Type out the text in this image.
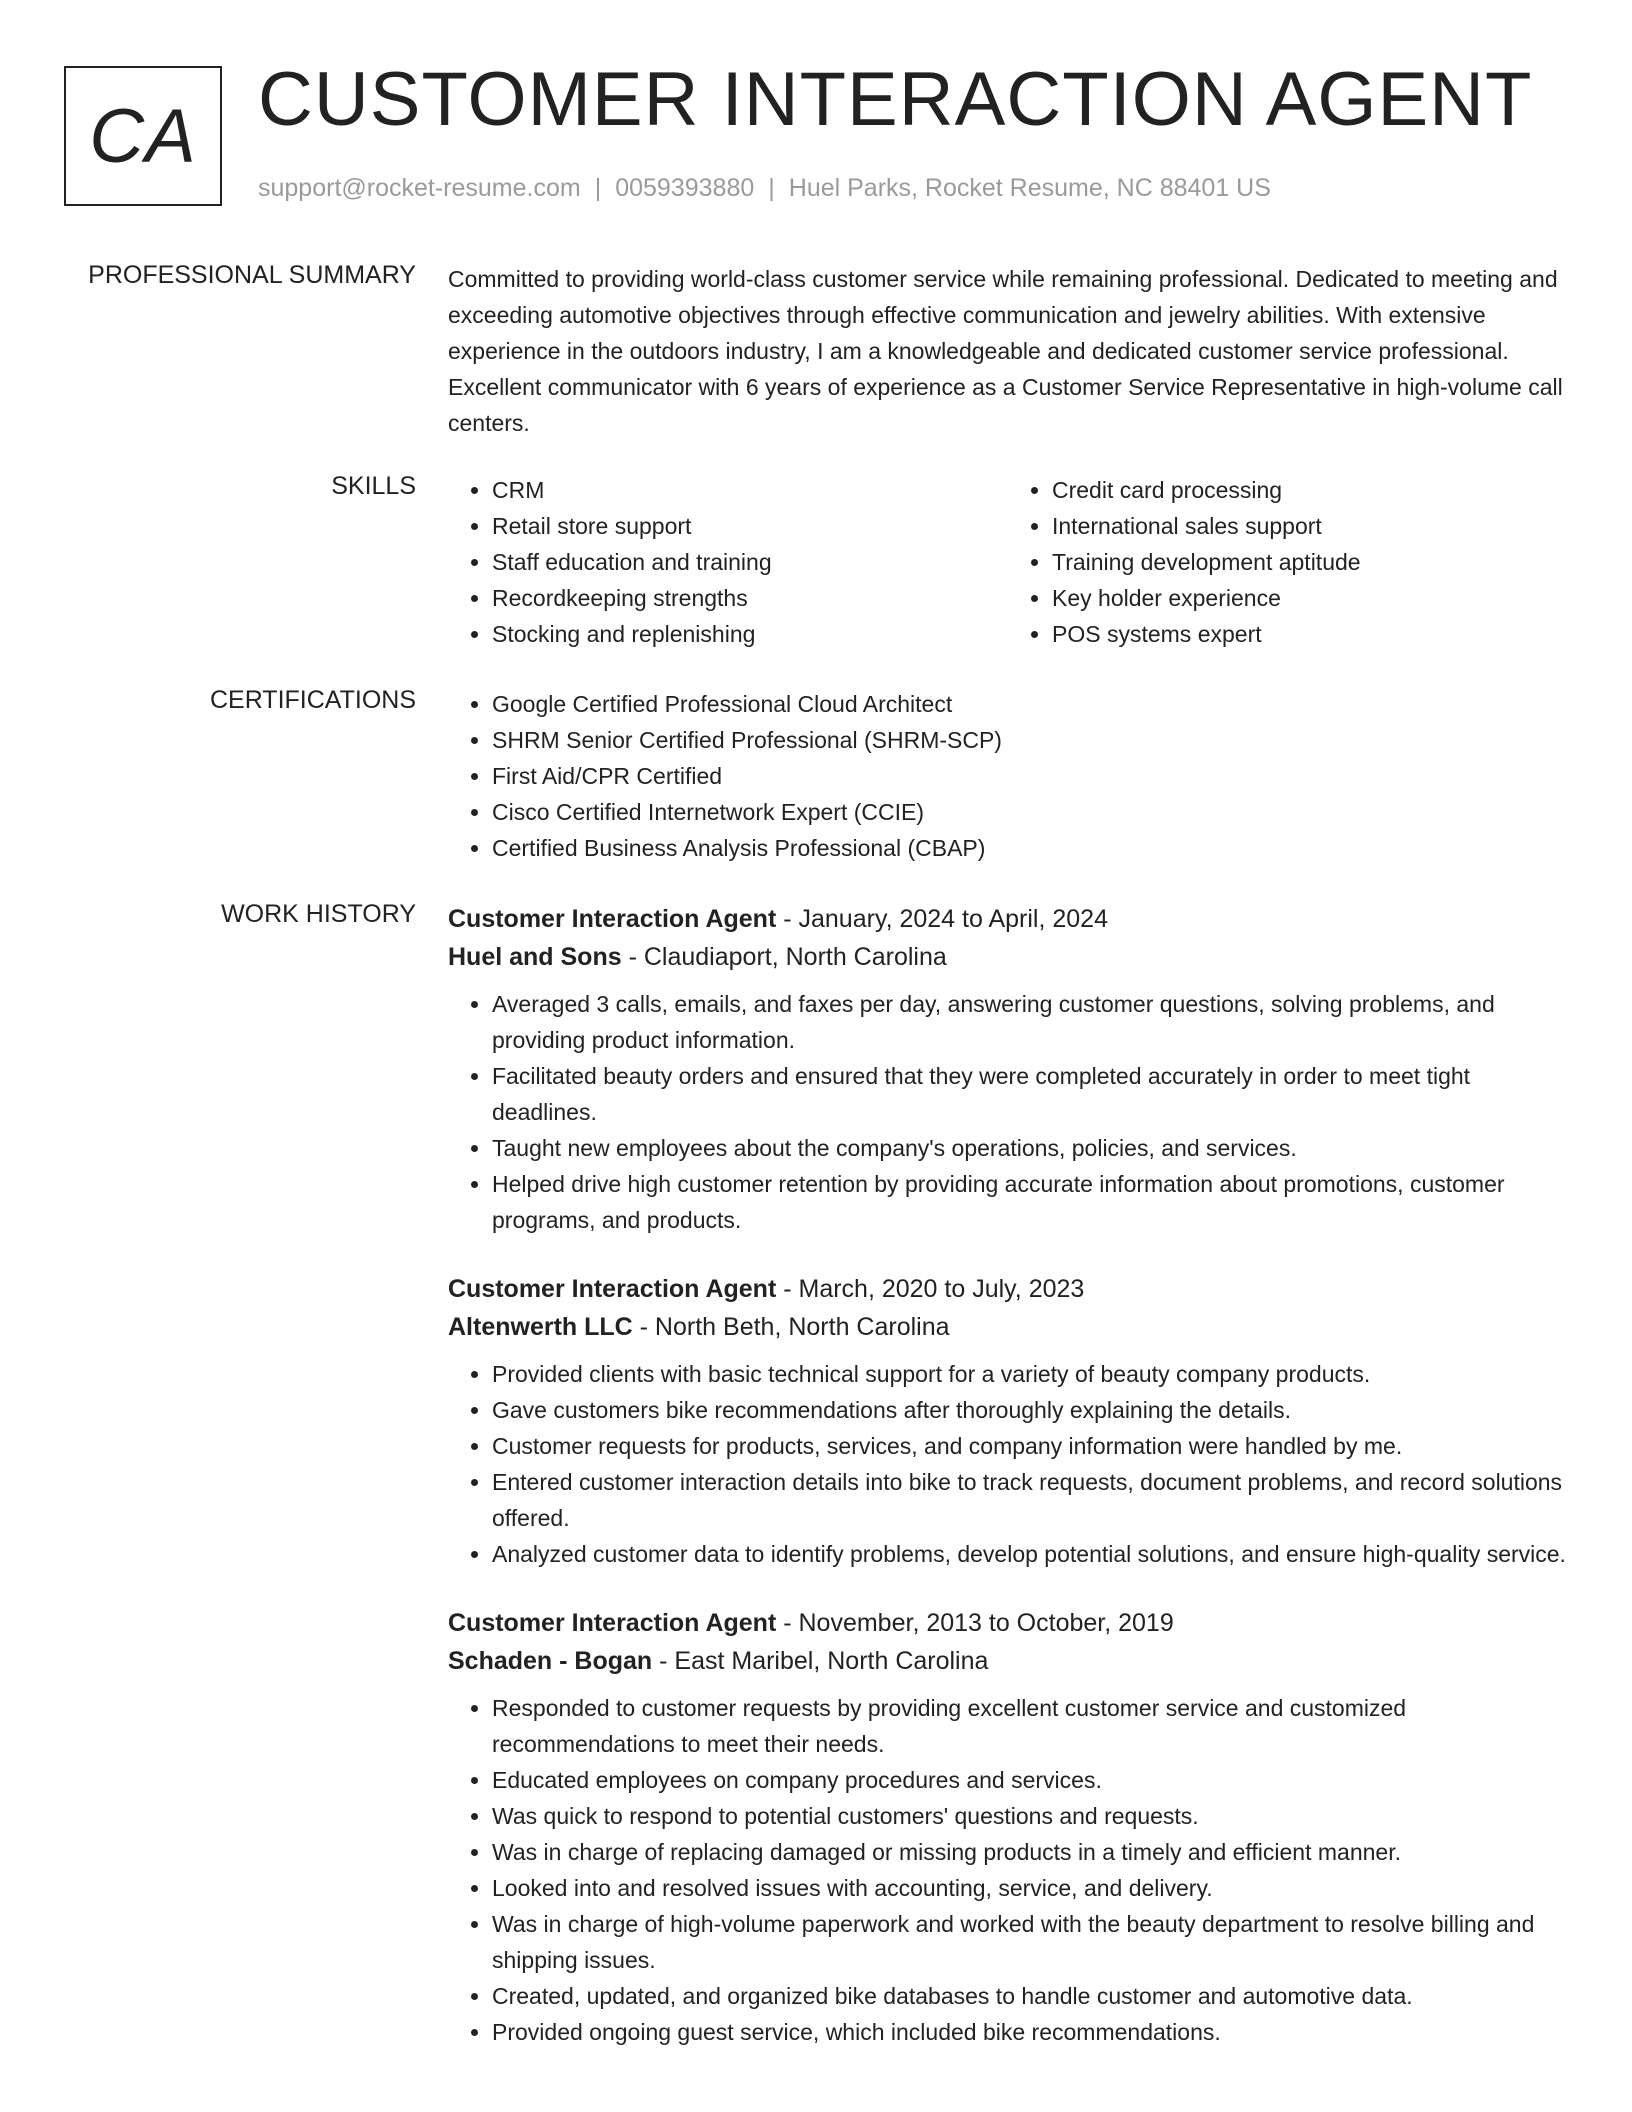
CA CUSTOMER INTERACTION AGENT
support@rocket-resume.com | 0059393880 | Huel Parks, Rocket Resume, NC 88401 US
PROFESSIONAL SUMMARY Committed to providing world-class customer service while remaining professional. Dedicated to meeting and exceeding automotive objectives through effective communication and jewelry abilities. With extensive experience in the outdoors industry, I am a knowledgeable and dedicated customer service professional. Excellent communicator with 6 years of experience as a Customer Service Representative in high-volume call centers.
SKILLS	• CRM
• Retail store support
• Staff education and training
• Recordkeeping strengths
• Stocking and replenishing
• Credit card processing
• International sales support
• Training development aptitude
• Key holder experience
• POS systems expert
CERTIFICATIONS	• Google Certified Professional Cloud Architect
• SHRM Senior Certified Professional (SHRM-SCP)
• First Aid/CPR Certified
• Cisco Certified Internetwork Expert (CCIE)
• Certified Business Analysis Professional (CBAP)
WORK HISTORY Customer Interaction Agent - January, 2024 to April, 2024
Huel and Sons - Claudiaport, North Carolina
• Averaged 3 calls, emails, and faxes per day, answering customer questions, solving problems, and providing product information.
• Facilitated beauty orders and ensured that they were completed accurately in order to meet tight deadlines.
• Taught new employees about the company's operations, policies, and services.
• Helped drive high customer retention by providing accurate information about promotions, customer programs, and products.
Customer Interaction Agent - March, 2020 to July, 2023
Altenwerth LLC - North Beth, North Carolina
• Provided clients with basic technical support for a variety of beauty company products.
• Gave customers bike recommendations after thoroughly explaining the details.
• Customer requests for products, services, and company information were handled by me.
• Entered customer interaction details into bike to track requests, document problems, and record solutions offered.
• Analyzed customer data to identify problems, develop potential solutions, and ensure high-quality service.
Customer Interaction Agent - November, 2013 to October, 2019
Schaden - Bogan - East Maribel, North Carolina
• Responded to customer requests by providing excellent customer service and customized recommendations to meet their needs.
• Educated employees on company procedures and services.
• Was quick to respond to potential customers' questions and requests.
• Was in charge of replacing damaged or missing products in a timely and efficient manner.
• Looked into and resolved issues with accounting, service, and delivery.
• Was in charge of high-volume paperwork and worked with the beauty department to resolve billing and shipping issues.
• Created, updated, and organized bike databases to handle customer and automotive data.
• Provided ongoing guest service, which included bike recommendations.
